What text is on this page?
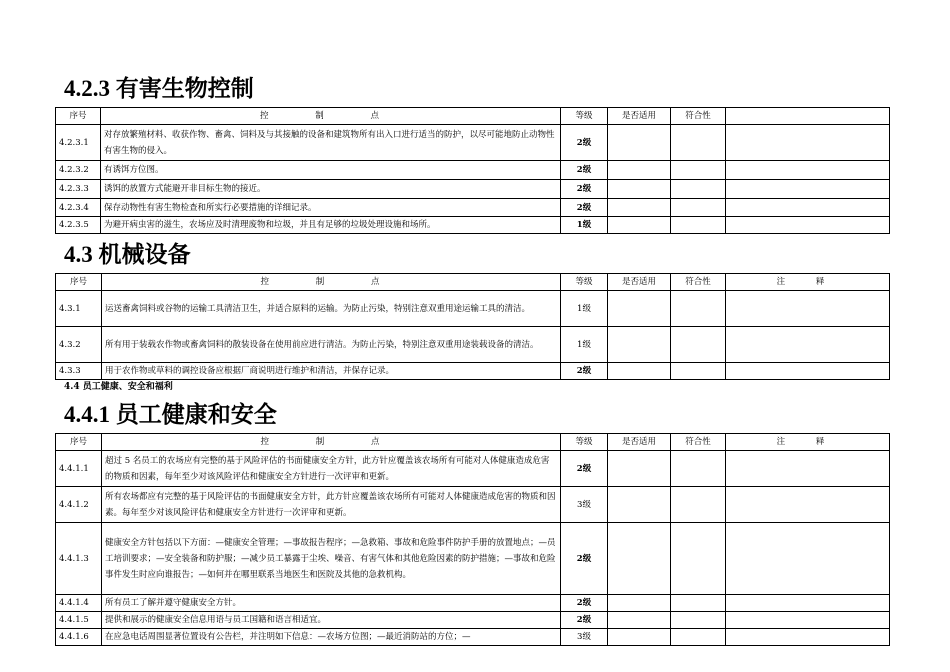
4.2.3 有害生物控制
序号	控 制 点	等级	是否适用	符合性	
4.2.3.1	对存放繁殖材料、收获作物、畜禽、饲料及与其接触的设备和建筑物所有出入口进行适当的防护，以尽可能地防止动物性有害生物的侵入。	2级			
4.2.3.2	有诱饵方位图。	2级			
4.2.3.3	诱饵的放置方式能避开非目标生物的接近。	2级			
4.2.3.4	保存动物性有害生物检查和所实行必要措施的详细记录。	2级			
4.2.3.5	为避开病虫害的滋生，农场应及时清理废物和垃圾，并且有足够的垃圾处理设施和场所。	1级			
4.3 机械设备
序号	控 制 点	等级	是否适用	符合性	注 释
4.3.1	运送畜禽饲料或谷物的运输工具清洁卫生，并适合原料的运输。为防止污染，特别注意双重用途运输工具的清洁。	1级			
4.3.2	所有用于装载农作物或畜禽饲料的散装设备在使用前应进行清洁。为防止污染，特别注意双重用途装载设备的清洁。	1级			
4.3.3	用于农作物或草料的调控设备应根据厂商说明进行维护和清洁，并保存记录。	2级			
4.4 员工健康、安全和福利
4.4.1 员工健康和安全
序号	控 制 点	等级	是否适用	符合性	注 释
4.4.1.1	超过 5 名员工的农场应有完整的基于风险评估的书面健康安全方针，此方针应覆盖该农场所有可能对人体健康造成危害的物质和因素，每年至少对该风险评估和健康安全方针进行一次评审和更新。	2级			
4.4.1.2	所有农场都应有完整的基于风险评估的书面健康安全方针，此方针应覆盖该农场所有可能对人体健康造成危害的物质和因素。每年至少对该风险评估和健康安全方针进行一次评审和更新。	3级			
4.4.1.3	健康安全方针包括以下方面：—健康安全管理；—事故报告程序；—急救箱、事故和危险事件防护手册的放置地点；—员工培训要求；—安全装备和防护服；—减少员工暴露于尘埃、噪音、有害气体和其他危险因素的防护措施；—事故和危险事件发生时应向谁报告；—如何并在哪里联系当地医生和医院及其他的急救机构。	2级			
4.4.1.4	所有员工了解并遵守健康安全方针。	2级			
4.4.1.5	提供和展示的健康安全信息用语与员工国籍和语言相适宜。	2级			
4.4.1.6	在应急电话周围显著位置设有公告栏，并注明如下信息：—农场方位图；—最近消防站的方位；—	3级			
